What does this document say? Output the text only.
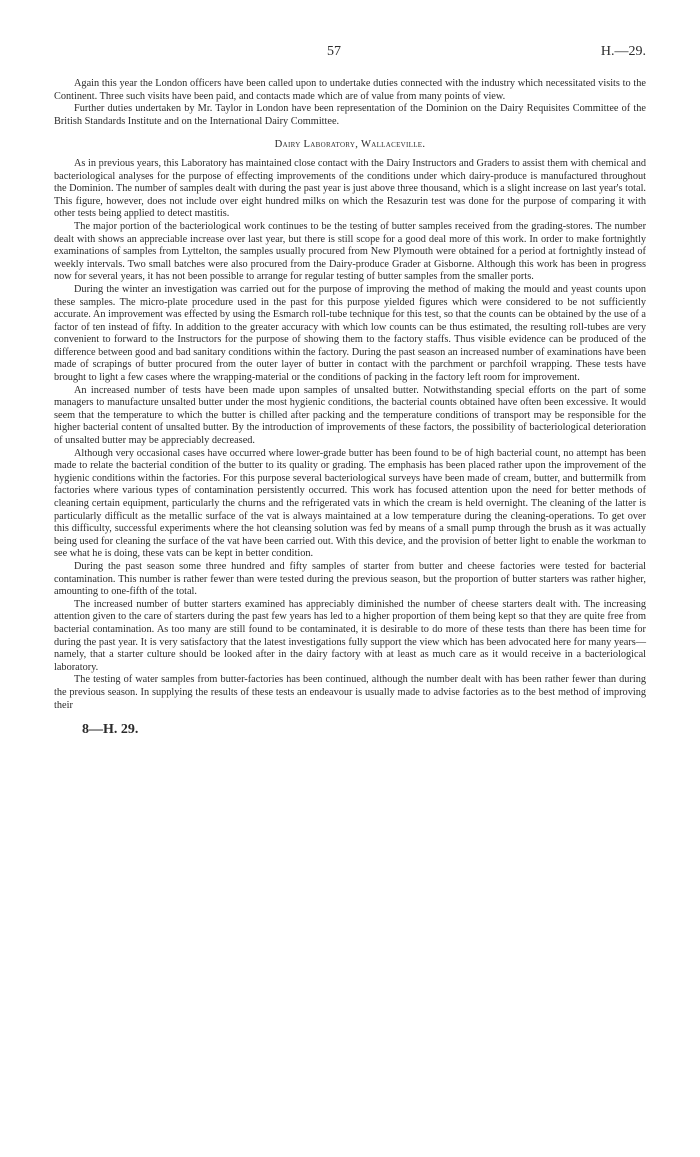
57	H.—29.

Again this year the London officers have been called upon to undertake duties connected with the industry which necessitated visits to the Continent. Three such visits have been paid, and contacts made which are of value from many points of view.

Further duties undertaken by Mr. Taylor in London have been representation of the Dominion on the Dairy Requisites Committee of the British Standards Institute and on the International Dairy Committee.

Dairy Laboratory, Wallaceville.

As in previous years, this Laboratory has maintained close contact with the Dairy Instructors and Graders to assist them with chemical and bacteriological analyses for the purpose of effecting improvements of the conditions under which dairy-produce is manufactured throughout the Dominion. The number of samples dealt with during the past year is just above three thousand, which is a slight increase on last year's total. This figure, however, does not include over eight hundred milks on which the Resazurin test was done for the purpose of comparing it with other tests being applied to detect mastitis.

The major portion of the bacteriological work continues to be the testing of butter samples received from the grading-stores. The number dealt with shows an appreciable increase over last year, but there is still scope for a good deal more of this work. In order to make fortnightly examinations of samples from Lyttelton, the samples usually procured from New Plymouth were obtained for a period at fortnightly instead of weekly intervals. Two small batches were also procured from the Dairy-produce Grader at Gisborne. Although this work has been in progress now for several years, it has not been possible to arrange for regular testing of butter samples from the smaller ports.

During the winter an investigation was carried out for the purpose of improving the method of making the mould and yeast counts upon these samples. The micro-plate procedure used in the past for this purpose yielded figures which were considered to be not sufficiently accurate. An improvement was effected by using the Esmarch roll-tube technique for this test, so that the counts can be obtained by the use of a factor of ten instead of fifty. In addition to the greater accuracy with which low counts can be thus estimated, the resulting roll-tubes are very convenient to forward to the Instructors for the purpose of showing them to the factory staffs. Thus visible evidence can be produced of the difference between good and bad sanitary conditions within the factory. During the past season an increased number of examinations have been made of scrapings of butter procured from the outer layer of butter in contact with the parchment or parchfoil wrapping. These tests have brought to light a few cases where the wrapping-material or the conditions of packing in the factory left room for improvement.

An increased number of tests have been made upon samples of unsalted butter. Notwithstanding special efforts on the part of some managers to manufacture unsalted butter under the most hygienic conditions, the bacterial counts obtained have often been excessive. It would seem that the temperature to which the butter is chilled after packing and the temperature conditions of transport may be responsible for the higher bacterial content of unsalted butter. By the introduction of improvements of these factors, the possibility of bacteriological deterioration of unsalted butter may be appreciably decreased.

Although very occasional cases have occurred where lower-grade butter has been found to be of high bacterial count, no attempt has been made to relate the bacterial condition of the butter to its quality or grading. The emphasis has been placed rather upon the improvement of the hygienic conditions within the factories. For this purpose several bacteriological surveys have been made of cream, butter, and buttermilk from factories where various types of contamination persistently occurred. This work has focused attention upon the need for better methods of cleaning certain equipment, particularly the churns and the refrigerated vats in which the cream is held overnight. The cleaning of the latter is particularly difficult as the metallic surface of the vat is always maintained at a low temperature during the cleaning-operations. To get over this difficulty, successful experiments where the hot cleansing solution was fed by means of a small pump through the brush as it was actually being used for cleaning the surface of the vat have been carried out. With this device, and the provision of better light to enable the workman to see what he is doing, these vats can be kept in better condition.

During the past season some three hundred and fifty samples of starter from butter and cheese factories were tested for bacterial contamination. This number is rather fewer than were tested during the previous season, but the proportion of butter starters was rather higher, amounting to one-fifth of the total.

The increased number of butter starters examined has appreciably diminished the number of cheese starters dealt with. The increasing attention given to the care of starters during the past few years has led to a higher proportion of them being kept so that they are quite free from bacterial contamination. As too many are still found to be contaminated, it is desirable to do more of these tests than there has been time for during the past year. It is very satisfactory that the latest investigations fully support the view which has been advocated here for many years—namely, that a starter culture should be looked after in the dairy factory with at least as much care as it would receive in a bacteriological laboratory.

The testing of water samples from butter-factories has been continued, although the number dealt with has been rather fewer than during the previous season. In supplying the results of these tests an endeavour is usually made to advise factories as to the best method of improving their

8—H. 29.
